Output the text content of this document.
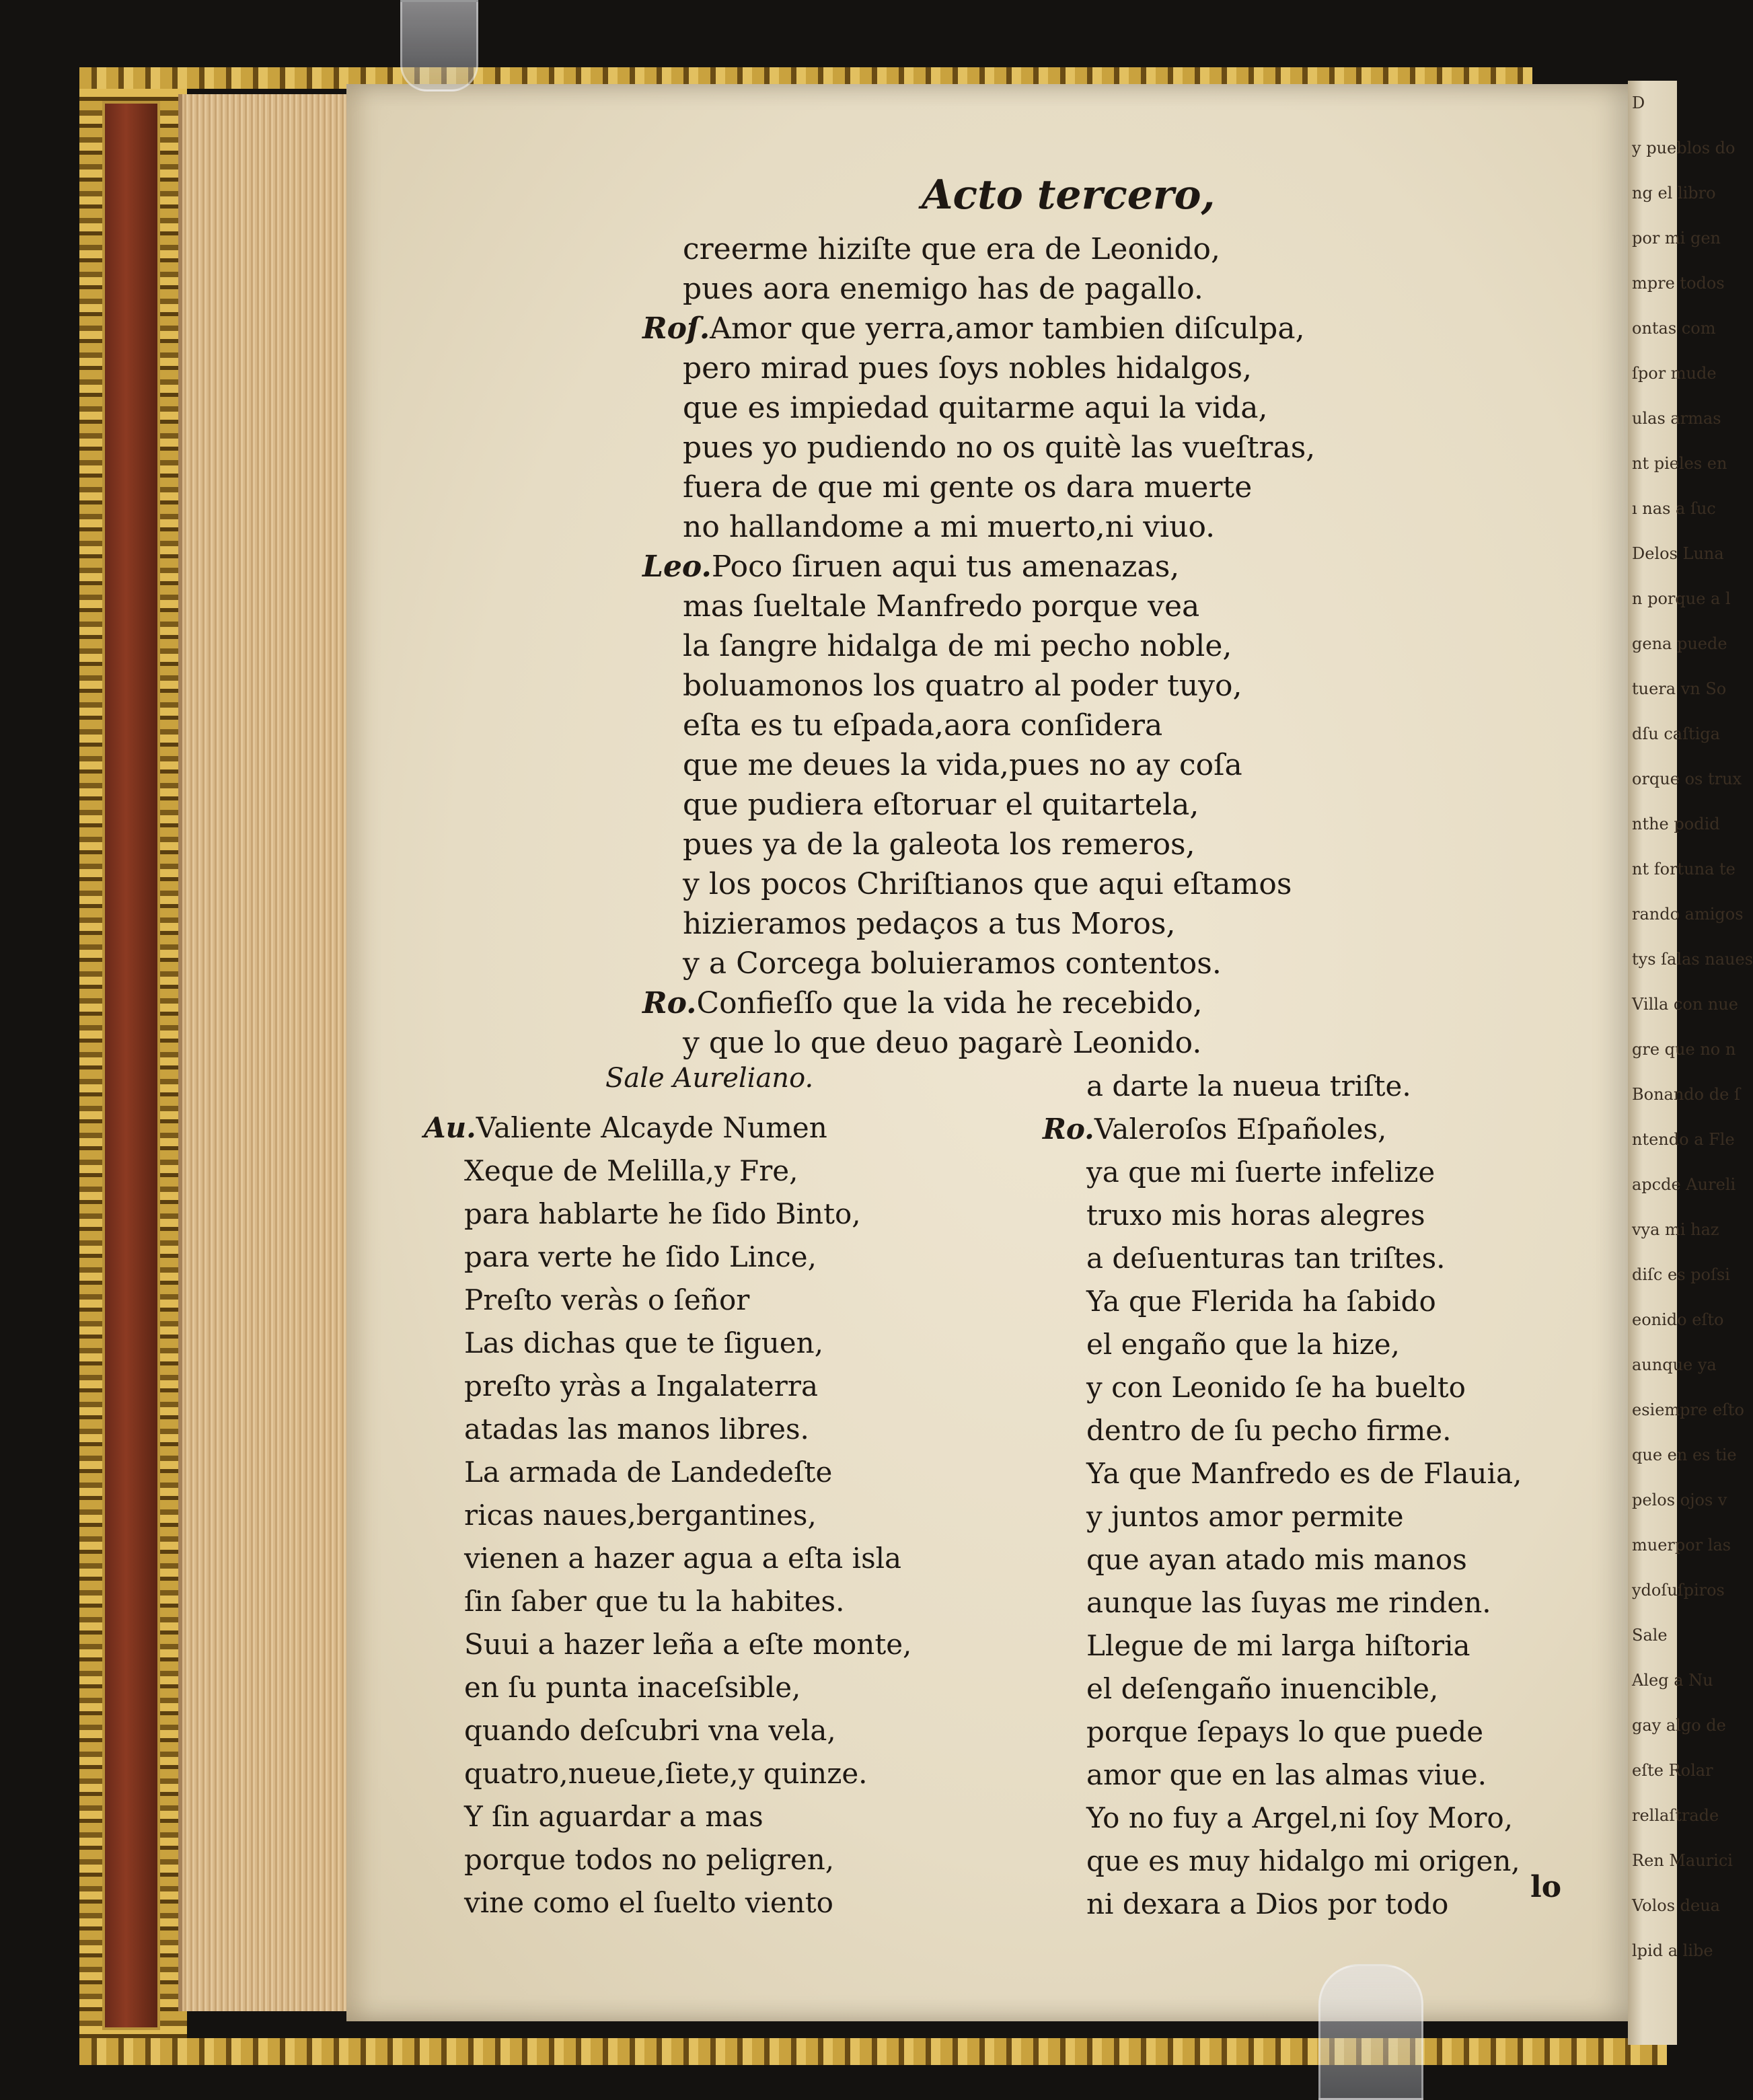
D
y pueblos do
ng el libro
por mi gen
mpre todos
ontas com
ſpor mude
ulas armas
nt pieles en
ı nas a ſuc
Delos Luna
n porque a l
gena puede
tuera vn So
dſu caſtiga
orque os trux
nthe podid
nt fortuna te
rando amigos
tys ſalas naues
Villa con nue
gre que no n
Bonando de ſ
ntendo a Fle
apcde Aureli
vya mi haz
diſc es poſsi
eonido eſto
aunque ya
esiempre eſto
que en es tie
pelos ojos v
muerpor las
ydoſuſpiros
Sale
Aleg a Nu
gay algo de
eſte Rolar
rellaſtrade
Ren Maurici
Volos deua
lpid a libe
Acto tercero,
creerme hiziſte que era de Leonido,
pues aora enemigo has de pagallo.
Roſ.Amor que yerra,amor tambien diſculpa,
pero mirad pues ſoys nobles hidalgos,
que es impiedad quitarme aqui la vida,
pues yo pudiendo no os quitè las vueſtras,
fuera de que mi gente os dara muerte
no hallandome a mi muerto,ni viuo.
Leo.Poco ſiruen aqui tus amenazas,
mas ſueltale Manfredo porque vea
la ſangre hidalga de mi pecho noble,
boluamonos los quatro al poder tuyo,
eſta es tu eſpada,aora conſidera
que me deues la vida,pues no ay coſa
que pudiera eſtoruar el quitartela,
pues ya de la galeota los remeros,
y los pocos Chriſtianos que aqui eſtamos
hizieramos pedaços a tus Moros,
y a Corcega boluieramos contentos.
Ro.Confieſſo que la vida he recebido,
y que lo que deuo pagarè Leonido.
Sale Aureliano.
Au.Valiente Alcayde Numen
Xeque de Melilla,y Fre,
para hablarte he ſido Binto,
para verte he ſido Lince,
Preſto veràs o ſeñor
Las dichas que te ſiguen,
preſto yràs a Ingalaterra
atadas las manos libres.
La armada de Landedeſte
ricas naues,bergantines,
vienen a hazer agua a eſta isla
ſin ſaber que tu la habites.
Suui a hazer leña a eſte monte,
en ſu punta inaceſsible,
quando deſcubri vna vela,
quatro,nueue,ſiete,y quinze.
Y ſin aguardar a mas
porque todos no peligren,
vine como el ſuelto viento
a darte la nueua triſte.
Ro.Valeroſos Eſpañoles,
ya que mi ſuerte infelize
truxo mis horas alegres
a deſuenturas tan triſtes.
Ya que Flerida ha ſabido
el engaño que la hize,
y con Leonido ſe ha buelto
dentro de ſu pecho firme.
Ya que Manfredo es de Flauia,
y juntos amor permite
que ayan atado mis manos
aunque las ſuyas me rinden.
Llegue de mi larga hiſtoria
el deſengaño inuencible,
porque ſepays lo que puede
amor que en las almas viue.
Yo no fuy a Argel,ni ſoy Moro,
que es muy hidalgo mi origen,
ni dexara a Dios por todo	lo
